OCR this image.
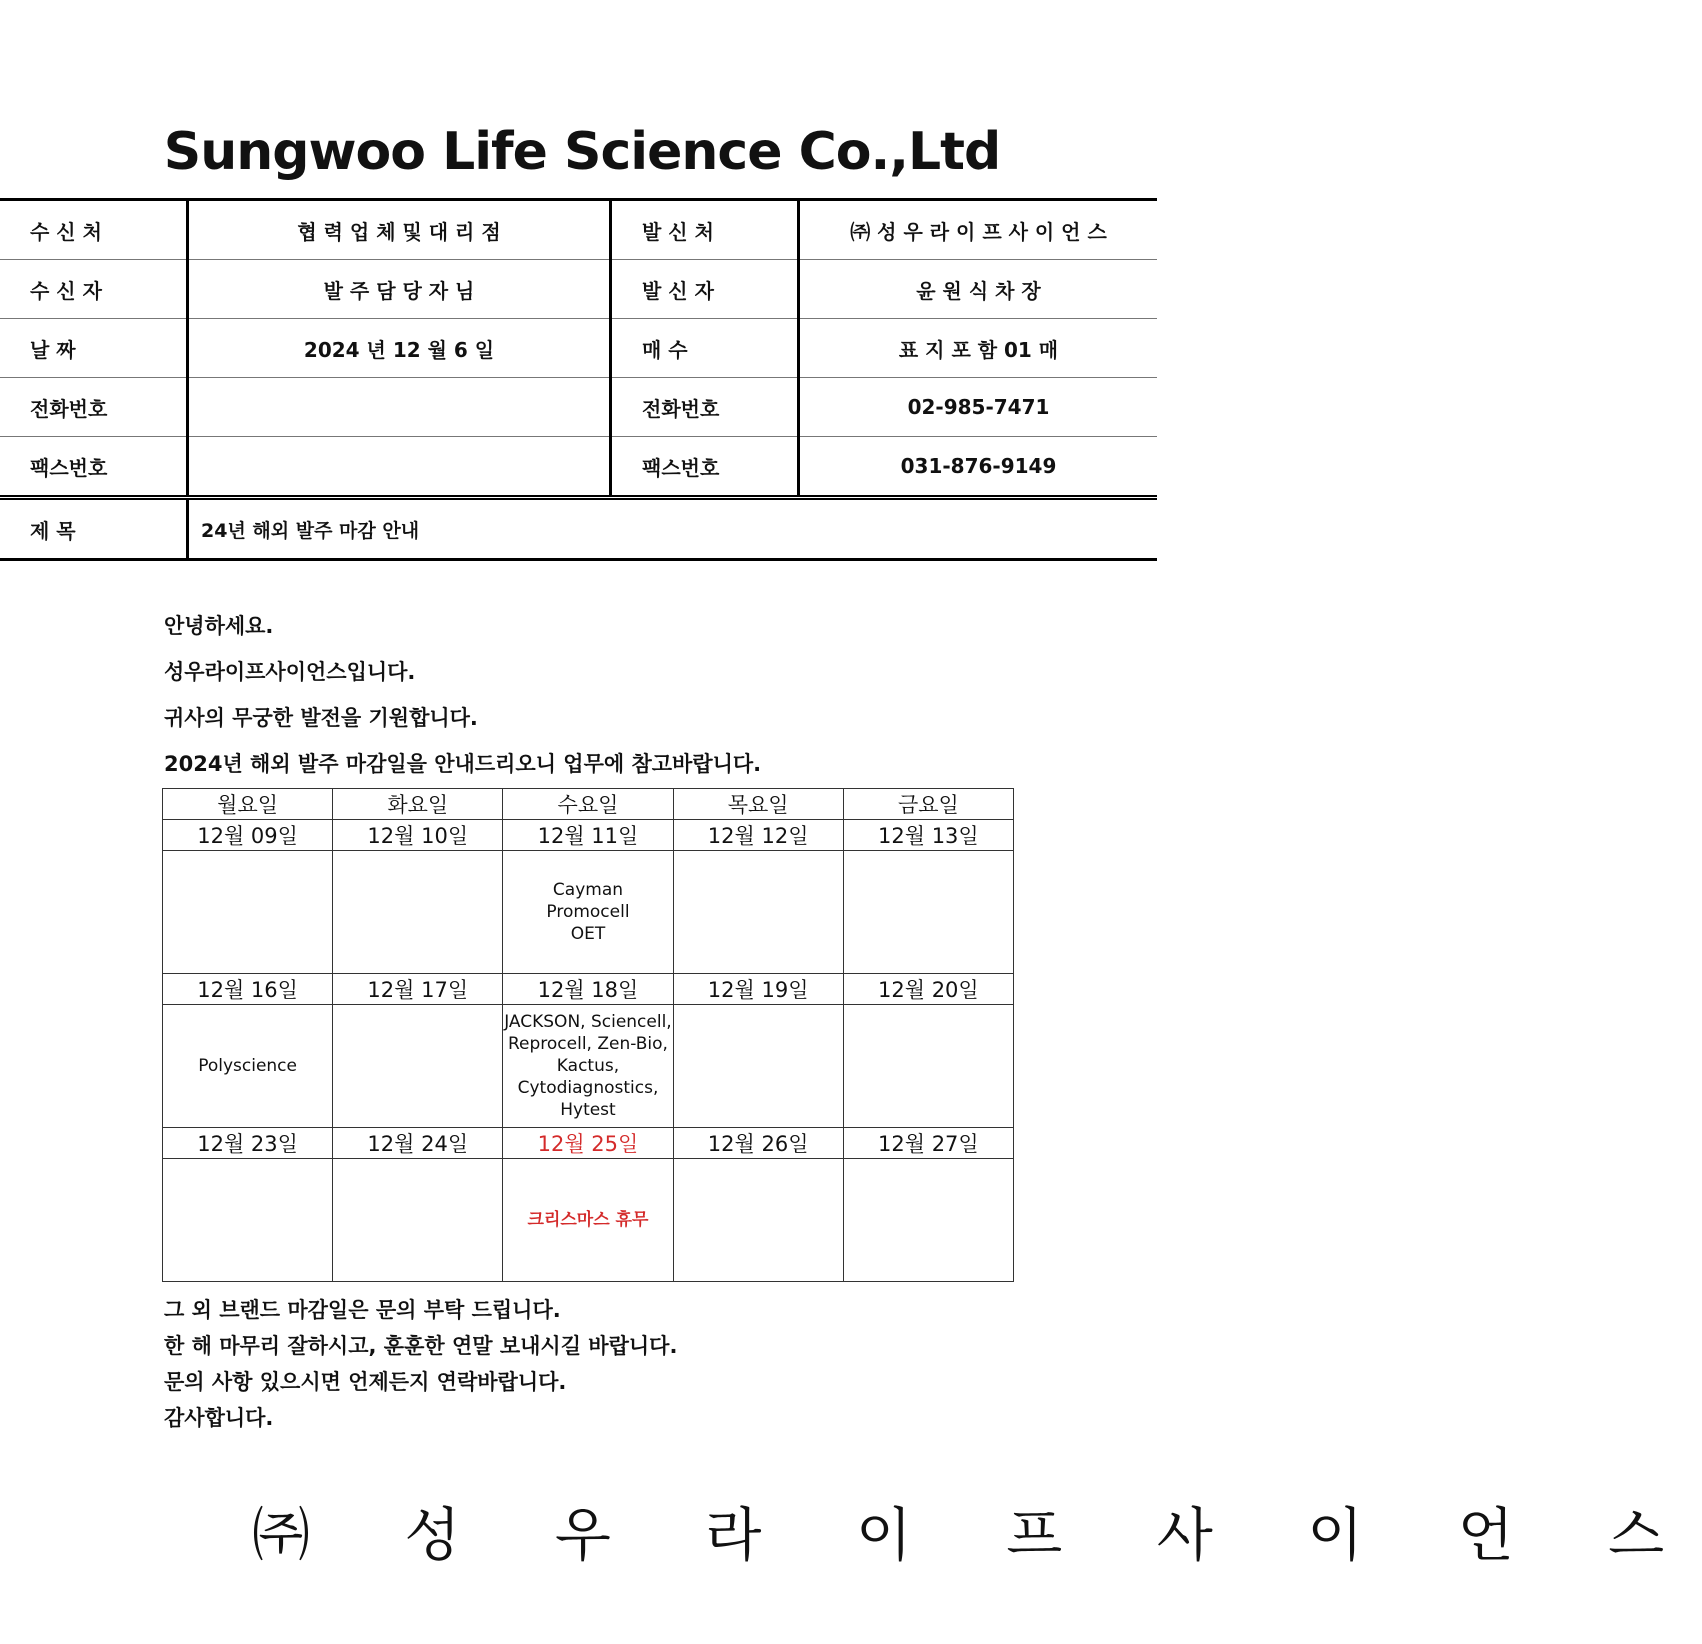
Sungwoo Life Science Co.,Ltd
수 신 처	협 력 업 체 및 대 리 점	발 신 처	㈜ 성 우 라 이 프 사 이 언 스
수 신 자	발 주 담 당 자 님	발 신 자	윤 원 식 차 장
날 짜	2024 년 12 월 6 일	매 수	표 지 포 함 01 매
전화번호		전화번호	02-985-7471
팩스번호		팩스번호	031-876-9149
제 목	24년 해외 발주 마감 안내		
안녕하세요.
성우라이프사이언스입니다.
귀사의 무궁한 발전을 기원합니다.
2024년 해외 발주 마감일을 안내드리오니 업무에 참고바랍니다.
월요일	화요일	수요일	목요일	금요일
12월 09일	12월 10일	12월 11일	12월 12일	12월 13일
		Cayman
Promocell
OET		
12월 16일	12월 17일	12월 18일	12월 19일	12월 20일
Polyscience		JACKSON, Sciencell,
Reprocell, Zen-Bio,
Kactus,
Cytodiagnostics,
Hytest		
12월 23일	12월 24일	12월 25일	12월 26일	12월 27일
		크리스마스 휴무		
그 외 브랜드 마감일은 문의 부탁 드립니다.
한 해 마무리 잘하시고, 훈훈한 연말 보내시길 바랍니다.
문의 사항 있으시면 언제든지 연락바랍니다.
감사합니다.
㈜ 성 우 라 이 프 사 이 언 스
